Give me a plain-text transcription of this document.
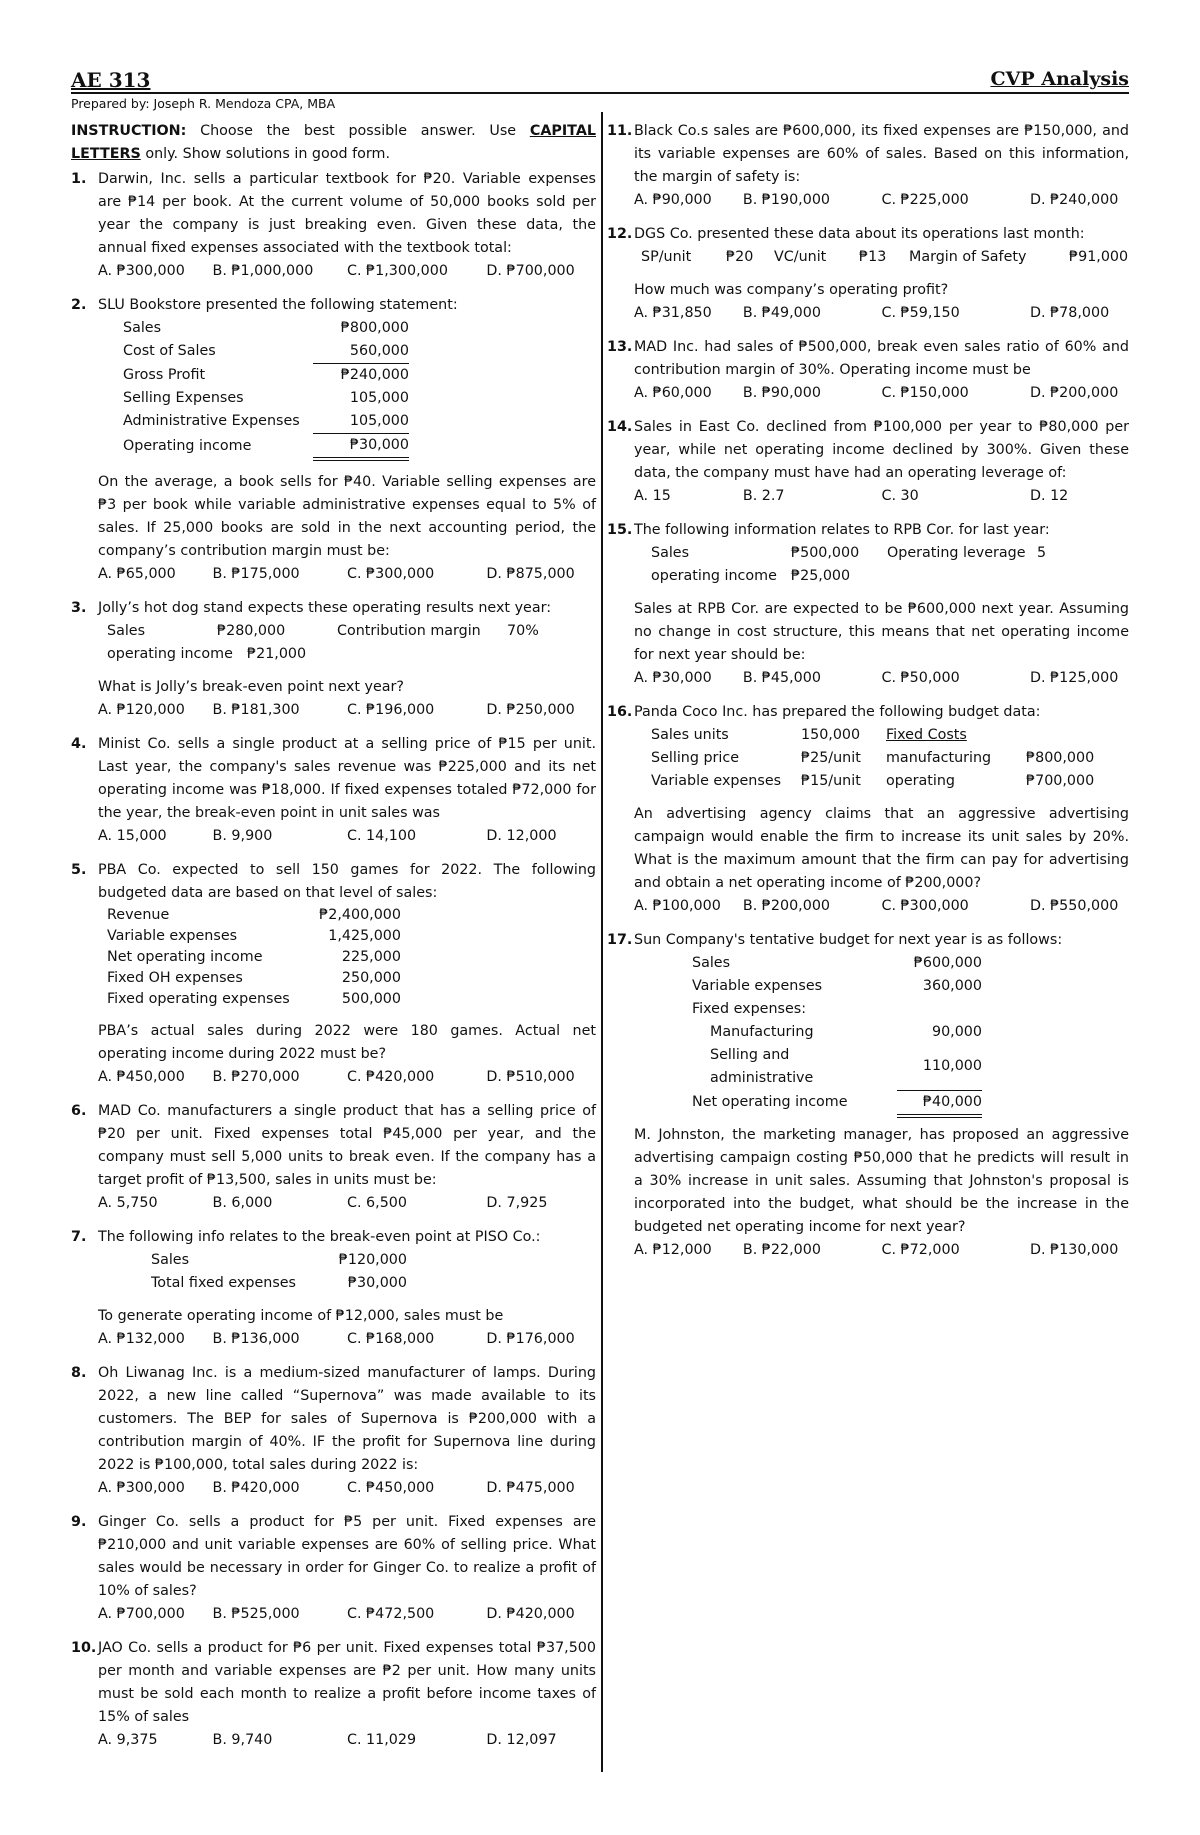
AE 313	CVP Analysis
Prepared by: Joseph R. Mendoza CPA, MBA

INSTRUCTION: Choose the best possible answer. Use CAPITAL LETTERS only. Show solutions in good form.

1. Darwin, Inc. sells a particular textbook for ₱20. Variable expenses are ₱14 per book. At the current volume of 50,000 books sold per year the company is just breaking even. Given these data, the annual fixed expenses associated with the textbook total:
A. ₱300,000	B. ₱1,000,000	C. ₱1,300,000	D. ₱700,000
2. SLU Bookstore presented the following statement:
Sales	₱800,000
Cost of Sales	560,000
Gross Profit	₱240,000
Selling Expenses	105,000
Administrative Expenses	105,000
Operating income	₱30,000

On the average, a book sells for ₱40. Variable selling expenses are ₱3 per book while variable administrative expenses equal to 5% of sales. If 25,000 books are sold in the next accounting period, the company’s contribution margin must be:

A. ₱65,000	B. ₱175,000	C. ₱300,000	D. ₱875,000
3. Jolly’s hot dog stand expects these operating results next year:
Sales	₱280,000	Contribution margin	70%
operating income ₱21,000

What is Jolly’s break-even point next year?

A. ₱120,000	B. ₱181,300	C. ₱196,000	D. ₱250,000
4. Minist Co. sells a single product at a selling price of ₱15 per unit. Last year, the company's sales revenue was ₱225,000 and its net operating income was ₱18,000. If fixed expenses totaled ₱72,000 for the year, the break-even point in unit sales was
A. 15,000	B. 9,900	C. 14,100	D. 12,000
5. PBA Co. expected to sell 150 games for 2022. The following budgeted data are based on that level of sales:
Revenue	₱2,400,000
Variable expenses	1,425,000
Net operating income	225,000
Fixed OH expenses	250,000
Fixed operating expenses	500,000

PBA’s actual sales during 2022 were 180 games. Actual net operating income during 2022 must be?

A. ₱450,000	B. ₱270,000	C. ₱420,000	D. ₱510,000
6. MAD Co. manufacturers a single product that has a selling price of ₱20 per unit. Fixed expenses total ₱45,000 per year, and the company must sell 5,000 units to break even. If the company has a target profit of ₱13,500, sales in units must be:
A. 5,750	B. 6,000	C. 6,500	D. 7,925
7. The following info relates to the break-even point at PISO Co.:
Sales	₱120,000
Total fixed expenses	₱30,000

To generate operating income of ₱12,000, sales must be

A. ₱132,000	B. ₱136,000	C. ₱168,000	D. ₱176,000
8. Oh Liwanag Inc. is a medium-sized manufacturer of lamps. During 2022, a new line called “Supernova” was made available to its customers. The BEP for sales of Supernova is ₱200,000 with a contribution margin of 40%. IF the profit for Supernova line during 2022 is ₱100,000, total sales during 2022 is:
A. ₱300,000	B. ₱420,000	C. ₱450,000	D. ₱475,000
9. Ginger Co. sells a product for ₱5 per unit. Fixed expenses are ₱210,000 and unit variable expenses are 60% of selling price. What sales would be necessary in order for Ginger Co. to realize a profit of 10% of sales?
A. ₱700,000	B. ₱525,000	C. ₱472,500	D. ₱420,000
10. JAO Co. sells a product for ₱6 per unit. Fixed expenses total ₱37,500 per month and variable expenses are ₱2 per unit. How many units must be sold each month to realize a profit before income taxes of 15% of sales
A. 9,375	B. 9,740	C. 11,029	D. 12,097
11. Black Co.s sales are ₱600,000, its fixed expenses are ₱150,000, and its variable expenses are 60% of sales. Based on this information, the margin of safety is:
A. ₱90,000	B. ₱190,000	C. ₱225,000	D. ₱240,000
12. DGS Co. presented these data about its operations last month:
SP/unit	₱20	VC/unit	₱13	Margin of Safety	₱91,000

How much was company’s operating profit?

A. ₱31,850	B. ₱49,000	C. ₱59,150	D. ₱78,000
13. MAD Inc. had sales of ₱500,000, break even sales ratio of 60% and contribution margin of 30%. Operating income must be
A. ₱60,000	B. ₱90,000	C. ₱150,000	D. ₱200,000
14. Sales in East Co. declined from ₱100,000 per year to ₱80,000 per year, while net operating income declined by 300%. Given these data, the company must have had an operating leverage of:
A. 15	B. 2.7	C. 30	D. 12
15. The following information relates to RPB Cor. for last year:
Sales	₱500,000	Operating leverage 5
operating income ₱25,000

Sales at RPB Cor. are expected to be ₱600,000 next year. Assuming no change in cost structure, this means that net operating income for next year should be:

A. ₱30,000	B. ₱45,000	C. ₱50,000	D. ₱125,000
16. Panda Coco Inc. has prepared the following budget data:
Sales units	150,000	Fixed Costs
Selling price	₱25/unit	manufacturing	₱800,000
Variable expenses	₱15/unit	operating	₱700,000

An advertising agency claims that an aggressive advertising campaign would enable the firm to increase its unit sales by 20%. What is the maximum amount that the firm can pay for advertising and obtain a net operating income of ₱200,000?

A. ₱100,000	B. ₱200,000	C. ₱300,000	D. ₱550,000
17. Sun Company's tentative budget for next year is as follows:
Sales	₱600,000
Variable expenses	360,000
Fixed expenses:	
Manufacturing	90,000
Selling and administrative	110,000
Net operating income	₱40,000

M. Johnston, the marketing manager, has proposed an aggressive advertising campaign costing ₱50,000 that he predicts will result in a 30% increase in unit sales. Assuming that Johnston's proposal is incorporated into the budget, what should be the increase in the budgeted net operating income for next year?

A. ₱12,000	B. ₱22,000	C. ₱72,000	D. ₱130,000
